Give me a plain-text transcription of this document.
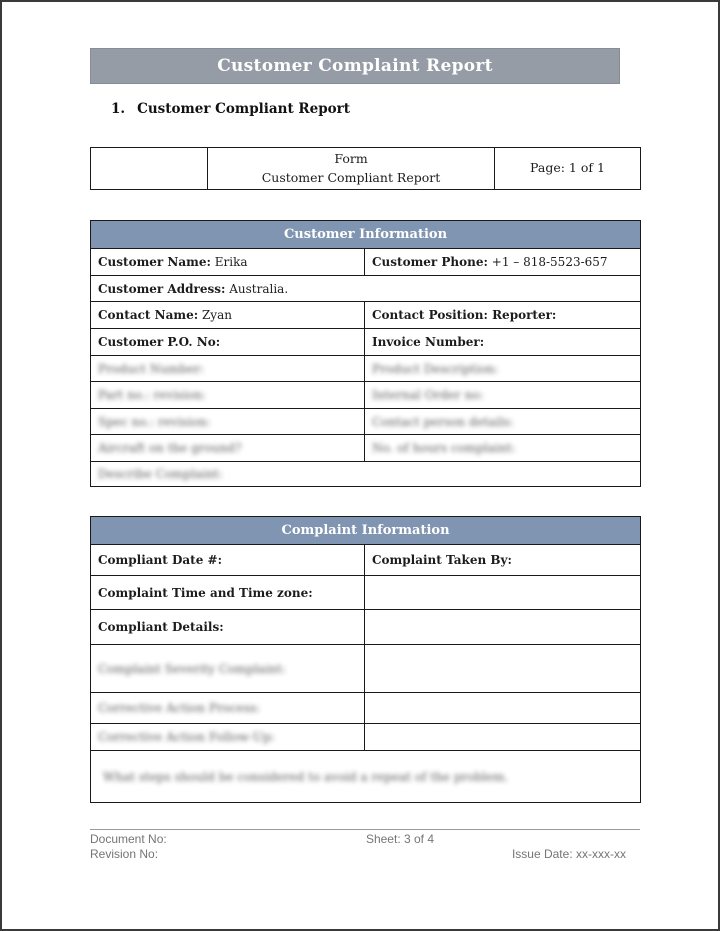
Customer Complaint Report
1. Customer Compliant Report

Form
Customer Compliant Report
	Page: 1 of 1
Customer Information	
Customer Name: Erika	Customer Phone: +1 – 818-5523-657
Customer Address: Australia.	
Contact Name: Zyan	Contact Position: Reporter:
Customer P.O. No:	Invoice Number:
Product Number:	Product Description:
Part no.: revision:	Internal Order no:
Spec no.: revision:	Contact person details:
Aircraft on the ground?	No. of hours complaint:
Describe Complaint:	
Complaint Information	
Compliant Date #:	Complaint Taken By:
Complaint Time and Time zone:	
Compliant Details:	
Complaint Severity Complaint:	
Corrective Action Process:	
Corrective Action Follow-Up:	
What steps should be considered to avoid a repeat of the problem.	
Document No:	Sheet: 3 of 4
Revision No:	Issue Date: xx-xxx-xx
